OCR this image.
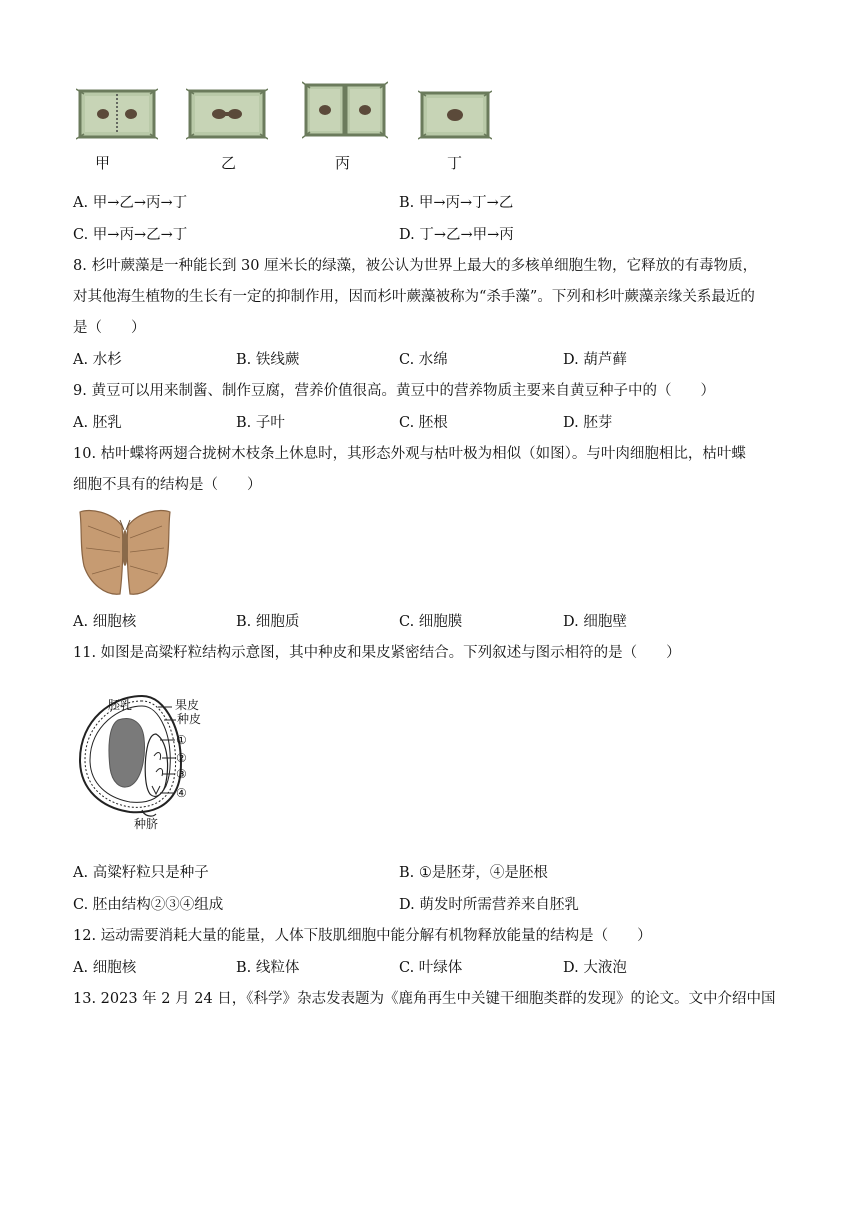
甲	乙	丙	丁
A. 甲→乙→丙→丁	B. 甲→丙→丁→乙
C. 甲→丙→乙→丁	D. 丁→乙→甲→丙
8. 杉叶蕨藻是一种能长到 30 厘米长的绿藻，被公认为世界上最大的多核单细胞生物，它释放的有毒物质，
对其他海生植物的生长有一定的抑制作用，因而杉叶蕨藻被称为“杀手藻”。下列和杉叶蕨藻亲缘关系最近的
是（　　）
A. 水杉	B. 铁线蕨	C. 水绵	D. 葫芦藓
9. 黄豆可以用来制酱、制作豆腐，营养价值很高。黄豆中的营养物质主要来自黄豆种子中的（　　）
A. 胚乳	B. 子叶	C. 胚根	D. 胚芽
10. 枯叶蝶将两翅合拢树木枝条上休息时，其形态外观与枯叶极为相似（如图）。与叶肉细胞相比，枯叶蝶
细胞不具有的结构是（　　）
A. 细胞核	B. 细胞质	C. 细胞膜	D. 细胞壁
11. 如图是高粱籽粒结构示意图，其中种皮和果皮紧密结合。下列叙述与图示相符的是（　　）
胚乳	果皮
种皮
①
②
③
④
种脐
A. 高粱籽粒只是种子	B. ①是胚芽，④是胚根
C. 胚由结构②③④组成	D. 萌发时所需营养来自胚乳
12. 运动需要消耗大量的能量，人体下肢肌细胞中能分解有机物释放能量的结构是（　　）
A. 细胞核	B. 线粒体	C. 叶绿体	D. 大液泡
13. 2023 年 2 月 24 日，《科学》杂志发表题为《鹿角再生中关键干细胞类群的发现》的论文。文中介绍中国
